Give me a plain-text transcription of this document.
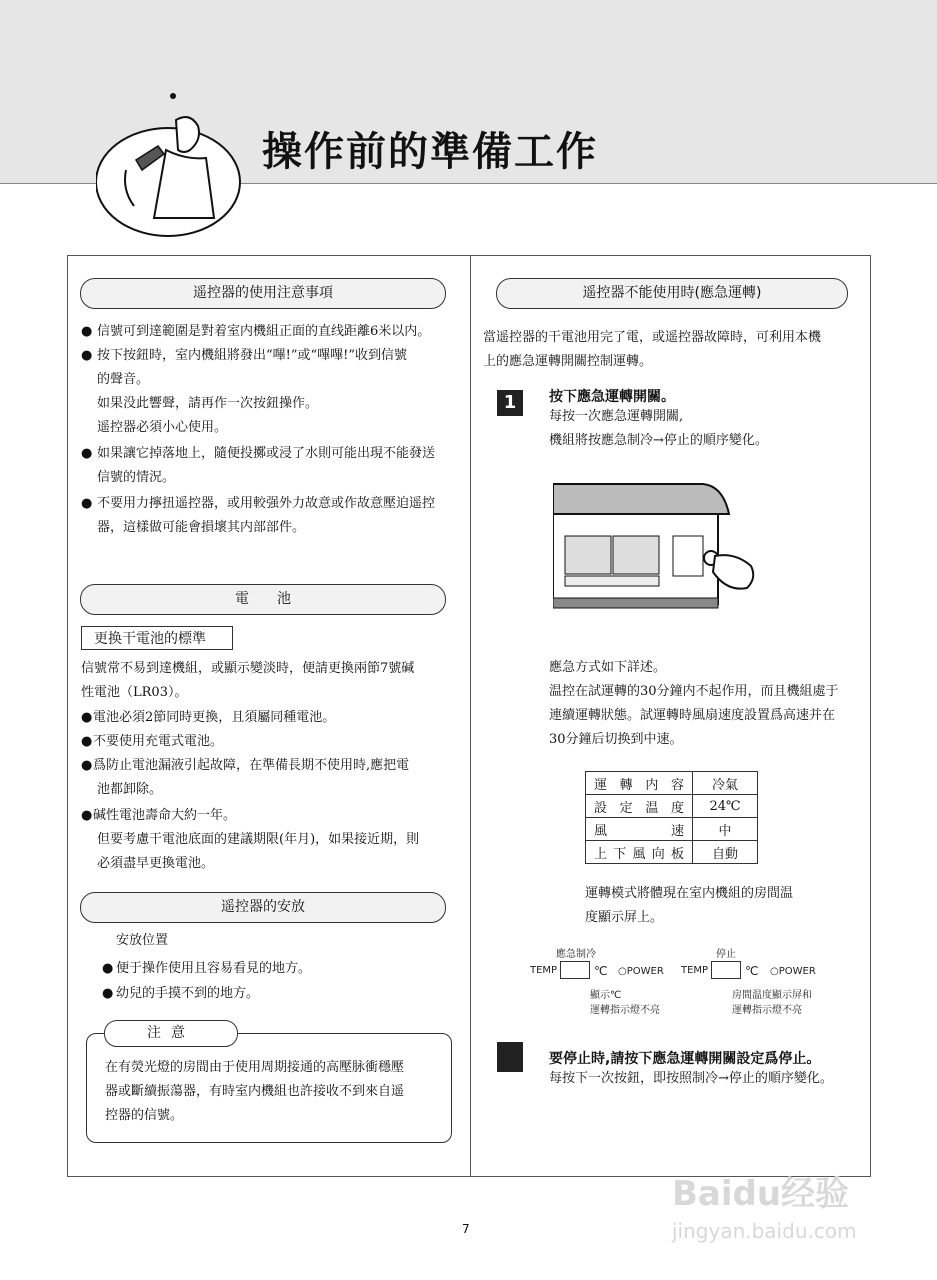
操作前的準備工作
遥控器的使用注意事項
● 信號可到達範圍是對着室内機組正面的直线距離6米以内。
● 按下按鈕時，室内機組將發出“嗶!”或“嗶嗶!”收到信號
的聲音。
如果没此響聲，請再作一次按鈕操作。
遥控器必須小心使用。
● 如果讓它掉落地上，隨便投擲或浸了水則可能出現不能發送
信號的情況。
● 不要用力擰扭遥控器，或用較强外力故意或作故意壓迫遥控
器，這樣做可能會損壞其内部部件。
電　　池
更换干電池的標準
信號常不易到達機組，或顯示變淡時，便請更換兩節7號碱
性電池（LR03）。
● 電池必須2節同時更換，且須屬同種電池。
● 不要使用充電式電池。
● 爲防止電池漏液引起故障，在準備長期不使用時,應把電
池都卸除。
● 碱性電池壽命大約一年。
但要考慮干電池底面的建議期限(年月)，如果接近期，則
必須盡早更換電池。
遥控器的安放
安放位置
● 便于操作使用且容易看見的地方。
● 幼兒的手摸不到的地方。
注意
在有熒光燈的房間由于使用周期接通的高壓脉衝穩壓
器或斷續振蕩器，有時室内機組也許接收不到來自遥
控器的信號。
遥控器不能使用時(應急運轉)
當遥控器的干電池用完了電，或遥控器故障時，可利用本機
上的應急運轉開關控制運轉。
1	按下應急運轉開關。
每按一次應急運轉開關,
機組將按應急制冷→停止的順序變化。
應急方式如下詳述。
温控在試運轉的30分鐘内不起作用，而且機組處于
連續運轉狀態。試運轉時風扇速度設置爲高速并在
30分鐘后切换到中速。
運轉内容	冷氣
設定温度	24℃
風速	中
上下風向板	自動
運轉模式將體現在室内機組的房間温
度顯示屏上。
應急制冷
TEMP	℃ ○POWER
顯示℃
運轉指示燈不亮
停止
TEMP	℃ ○POWER
房間温度顯示屏和
運轉指示燈不亮
要停止時,請按下應急運轉開關設定爲停止。
每按下一次按鈕，即按照制冷→停止的順序變化。
7
Baidu经验
jingyan.baidu.com
